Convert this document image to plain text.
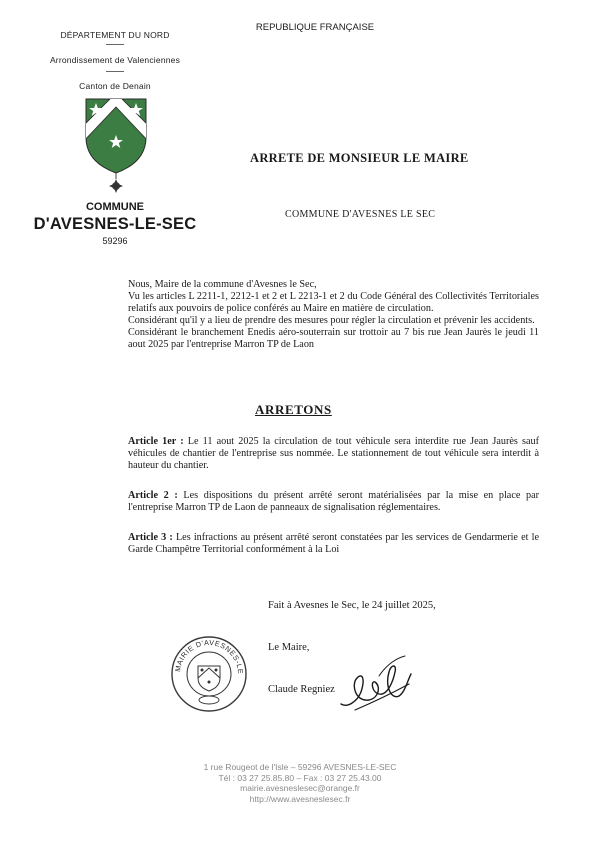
DÉPARTEMENT DU NORD
Arrondissement de Valenciennes
Canton de Denain
COMMUNE
D'AVESNES-LE-SEC
59296
REPUBLIQUE FRANÇAISE
ARRETE DE MONSIEUR LE MAIRE
COMMUNE D'AVESNES LE SEC

Nous, Maire de la commune d'Avesnes le Sec,

Vu les articles L 2211-1, 2212-1 et 2 et L 2213-1 et 2 du Code Général des Collectivités Territoriales relatifs aux pouvoirs de police conférés au Maire en matière de circulation.

Considérant qu'il y a lieu de prendre des mesures pour régler la circulation et prévenir les accidents.

Considérant le branchement Enedis aéro-souterrain sur trottoir au 7 bis rue Jean Jaurès le jeudi 11 aout 2025 par l'entreprise Marron TP de Laon

ARRETONS

Article 1er : Le 11 aout 2025 la circulation de tout véhicule sera interdite rue Jean Jaurès sauf véhicules de chantier de l'entreprise sus nommée. Le stationnement de tout véhicule sera interdit à hauteur du chantier.

Article 2 : Les dispositions du présent arrêté seront matérialisées par la mise en place par l'entreprise Marron TP de Laon de panneaux de signalisation réglementaires.

Article 3 : Les infractions au présent arrêté seront constatées par les services de Gendarmerie et le Garde Champêtre Territorial conformément à la Loi

Fait à Avesnes le Sec, le 24 juillet 2025,
Le Maire,
Claude Regniez
MAIRIE D'AVESNES-LE
1 rue Rougeot de l'Isle – 59296 AVESNES-LE-SEC
Tél : 03 27 25.85.80 – Fax : 03 27 25.43.00
mairie.avesneslesec@orange.fr
http://www.avesneslesec.fr
